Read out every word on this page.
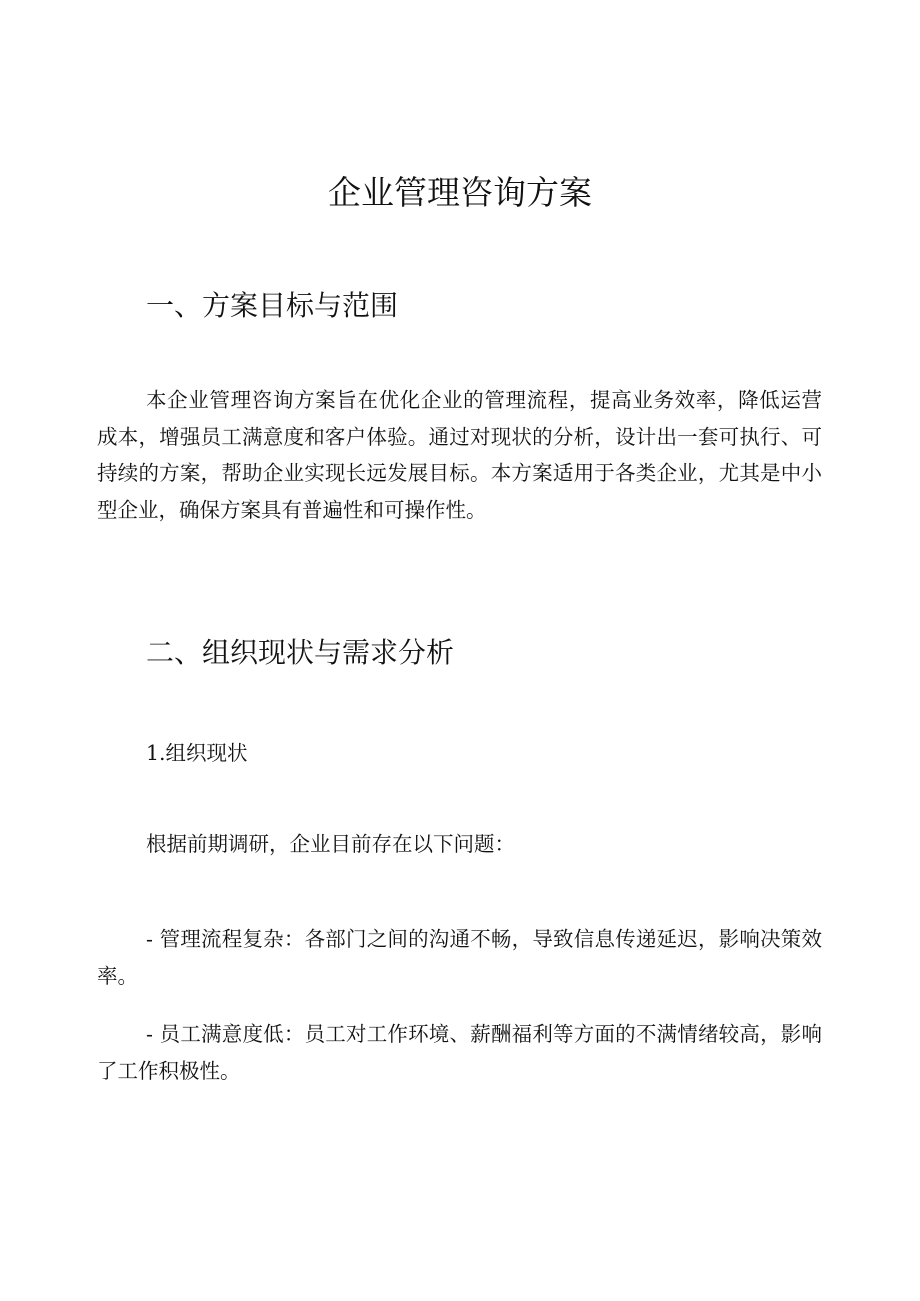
企业管理咨询方案
一、方案目标与范围

本企业管理咨询方案旨在优化企业的管理流程，提高业务效率，降低运营成本，增强员工满意度和客户体验。通过对现状的分析，设计出一套可执行、可持续的方案，帮助企业实现长远发展目标。本方案适用于各类企业，尤其是中小型企业，确保方案具有普遍性和可操作性。

二、组织现状与需求分析

1.组织现状

根据前期调研，企业目前存在以下问题：

- 管理流程复杂：各部门之间的沟通不畅，导致信息传递延迟，影响决策效率。

- 员工满意度低：员工对工作环境、薪酬福利等方面的不满情绪较高，影响了工作积极性。
